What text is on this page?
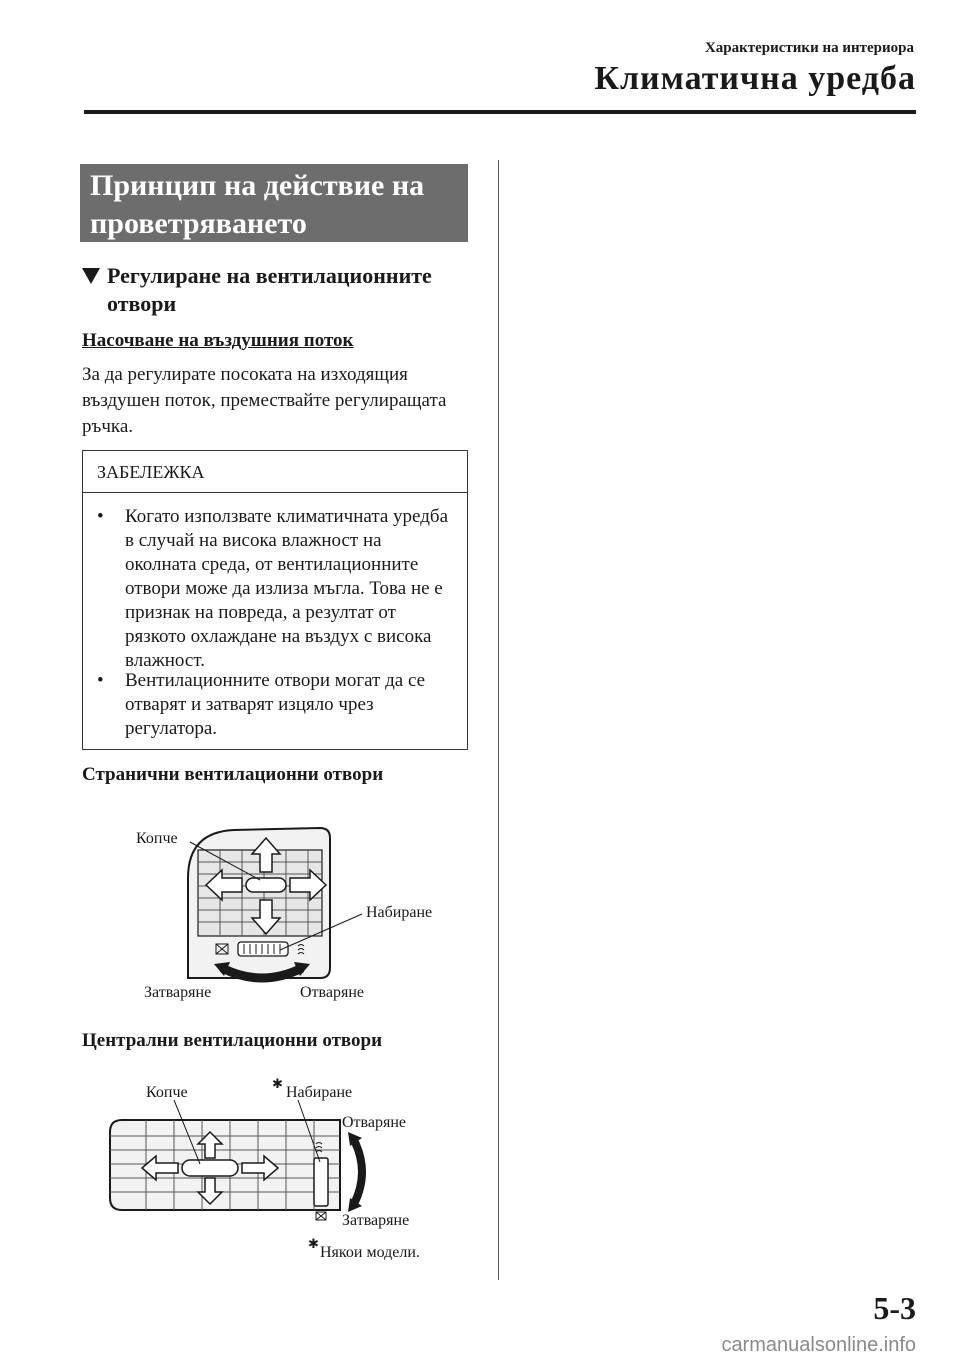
Характеристики на интериора
Климатична уредба
Принцип на действие на проветряването
Регулиране на вентилационните отвори
Насочване на въздушния поток
За да регулирате посоката на изходящия въздушен поток, премествайте регулиращата ръчка.
ЗАБЕЛЕЖКА
•	Когато използвате климатичната уредба в случай на висока влажност на околната среда, от вентилационните отвори може да излиза мъгла. Това не е признак на повреда, а резултат от рязкото охлаждане на въздух с висока влажност.
•	Вентилационните отвори могат да се отварят и затварят изцяло чрез регулатора.
Странични вентилационни отвори
Копче
Набиране
Затваряне	Отваряне
Централни вентилационни отвори
Копче
✱
Набиране
Отваряне
Затваряне
✱
Някои модели.
5-3
carmanualsonline.info
